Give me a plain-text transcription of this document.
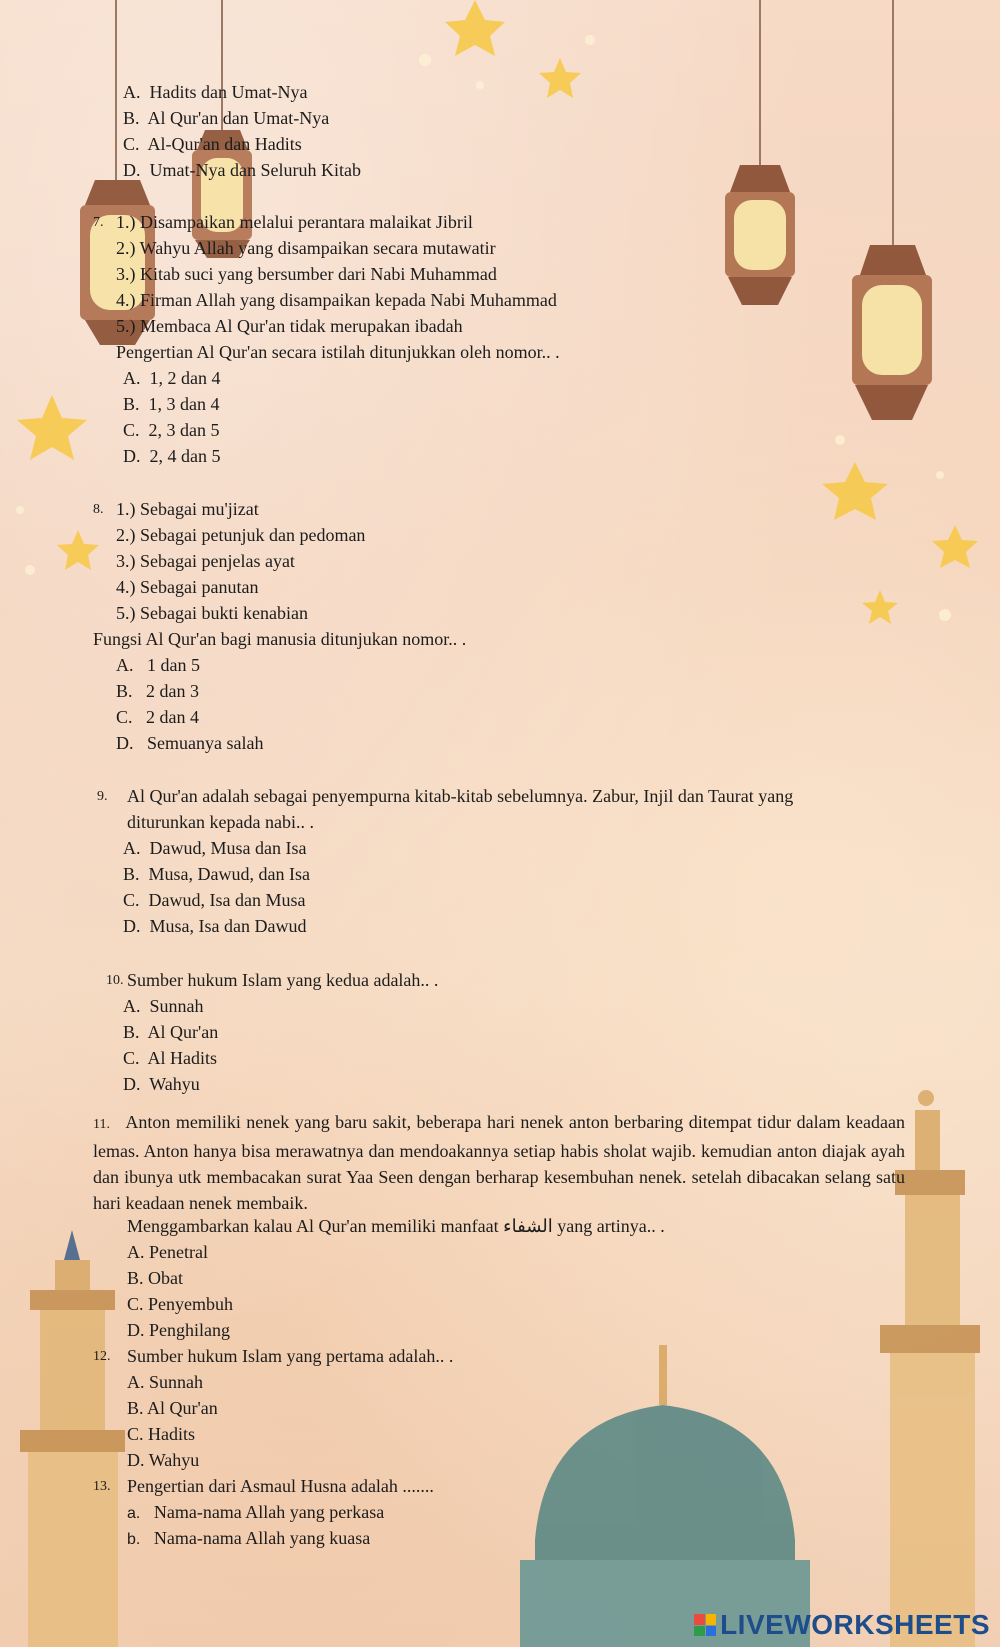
A. Hadits dan Umat-Nya
B. Al Qur'an dan Umat-Nya
C. Al-Qur'an dan Hadits
D. Umat-Nya dan Seluruh Kitab
7. 1.) Disampaikan melalui perantara malaikat Jibril
2.) Wahyu Allah yang disampaikan secara mutawatir
3.) Kitab suci yang bersumber dari Nabi Muhammad
4.) Firman Allah yang disampaikan kepada Nabi Muhammad
5.) Membaca Al Qur'an tidak merupakan ibadah
Pengertian Al Qur'an secara istilah ditunjukkan oleh nomor.. .
A. 1, 2 dan 4
B. 1, 3 dan 4
C. 2, 3 dan 5
D. 2, 4 dan 5
8. 1.) Sebagai mu'jizat
2.) Sebagai petunjuk dan pedoman
3.) Sebagai penjelas ayat
4.) Sebagai panutan
5.) Sebagai bukti kenabian
Fungsi Al Qur'an bagi manusia ditunjukan nomor.. .
A. 1 dan 5
B. 2 dan 3
C. 2 dan 4
D. Semuanya salah
9. Al Qur'an adalah sebagai penyempurna kitab-kitab sebelumnya. Zabur, Injil dan Taurat yang
diturunkan kepada nabi.. .
A. Dawud, Musa dan Isa
B. Musa, Dawud, dan Isa
C. Dawud, Isa dan Musa
D. Musa, Isa dan Dawud
10. Sumber hukum Islam yang kedua adalah.. .
A. Sunnah
B. Al Qur'an
C. Al Hadits
D. Wahyu
11. Anton memiliki nenek yang baru sakit, beberapa hari nenek anton berbaring ditempat tidur dalam keadaan lemas. Anton hanya bisa merawatnya dan mendoakannya setiap habis sholat wajib. kemudian anton diajak ayah dan ibunya utk membacakan surat Yaa Seen dengan berharap kesembuhan nenek. setelah dibacakan selang satu hari keadaan nenek membaik.
Menggambarkan kalau Al Qur'an memiliki manfaat الشفاء yang artinya.. .
A. Penetral
B. Obat
C. Penyembuh
D. Penghilang
12. Sumber hukum Islam yang pertama adalah.. .
A. Sunnah
B. Al Qur'an
C. Hadits
D. Wahyu
13. Pengertian dari Asmaul Husna adalah .......
a. Nama-nama Allah yang perkasa
b. Nama-nama Allah yang kuasa
LIVEWORKSHEETS
